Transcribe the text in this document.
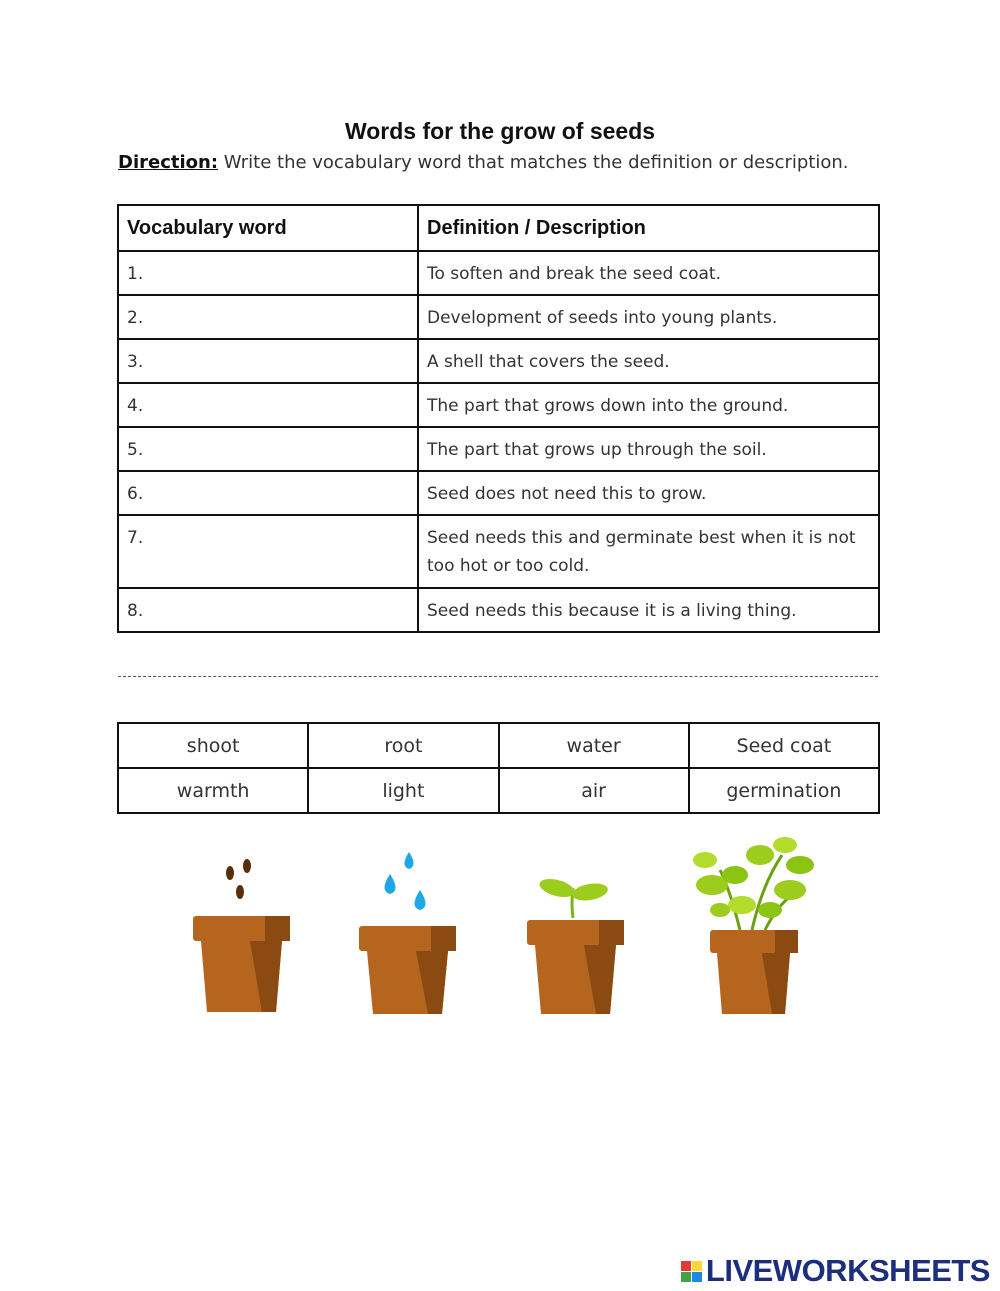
Words for the grow of seeds
Direction: Write the vocabulary word that matches the definition or description.
Vocabulary word	Definition / Description
1.	To soften and break the seed coat.
2.	Development of seeds into young plants.
3.	A shell that covers the seed.
4.	The part that grows down into the ground.
5.	The part that grows up through the soil.
6.	Seed does not need this to grow.
7.	Seed needs this and germinate best when it is not too hot or too cold.
8.	Seed needs this because it is a living thing.
shoot	root	water	Seed coat
warmth	light	air	germination
LIVEWORKSHEETS
